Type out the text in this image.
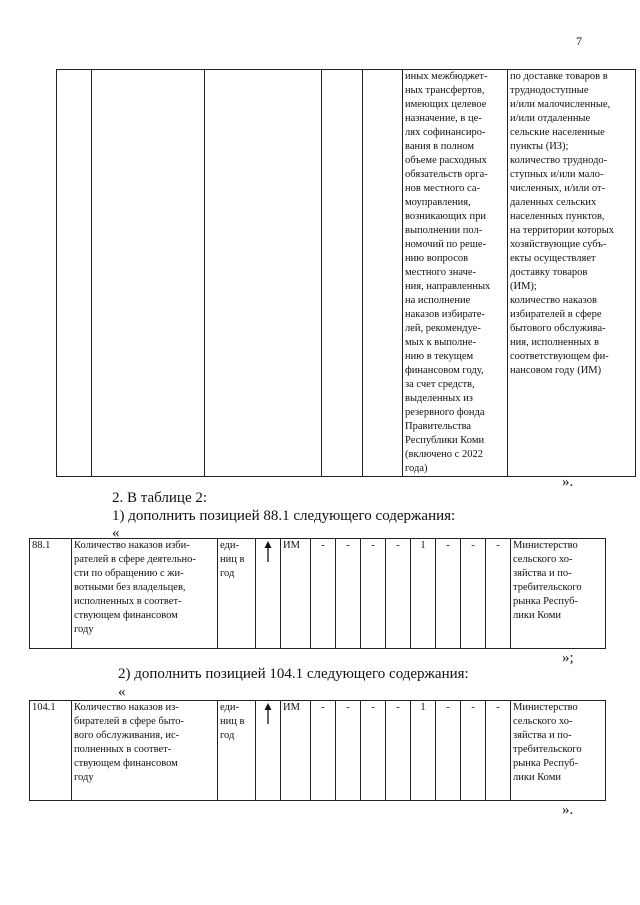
7
					иных межбюджет-
ных трансфертов,
имеющих целевое
назначение, в це-
лях софинансиро-
вания в полном
объеме расходных
обязательств орга-
нов местного са-
моуправления,
возникающих при
выполнении пол-
номочий по реше-
нию вопросов
местного значе-
ния, направленных
на исполнение
наказов избирате-
лей, рекомендуе-
мых к выполне-
нию в текущем
финансовом году,
за счет средств,
выделенных из
резервного фонда
Правительства
Республики Коми
(включено с 2022
года)	по доставке товаров в
труднодоступные
и/или малочисленные,
и/или отдаленные
сельские населенные
пункты (ИЗ);
количество труднодо-
ступных и/или мало-
численных, и/или от-
даленных сельских
населенных пунктов,
на территории которых
хозяйствующие субъ-
екты осуществляет
доставку товаров
(ИМ);
количество наказов
избирателей в сфере
бытового обслужива-
ния, исполненных в
соответствующем фи-
нансовом году (ИМ)
».
2. В таблице 2:
1) дополнить позицией 88.1 следующего содержания:
«
88.1	Количество наказов изби-
рателей в сфере деятельно-
сти по обращению с жи-
вотными без владельцев,
исполненных в соответ-
ствующем финансовом
году	еди-
ниц в
год	
	ИМ	-	-	-	-	1	-	-	-	Министерство
сельского хо-
зяйства и по-
требительского
рынка Респуб-
лики Коми
»;
2) дополнить позицией 104.1 следующего содержания:
«
104.1	Количество наказов из-
бирателей в сфере быто-
вого обслуживания, ис-
полненных в соответ-
ствующем финансовом
году	еди-
ниц в
год	
	ИМ	-	-	-	-	1	-	-	-	Министерство
сельского хо-
зяйства и по-
требительского
рынка Респуб-
лики Коми
».
